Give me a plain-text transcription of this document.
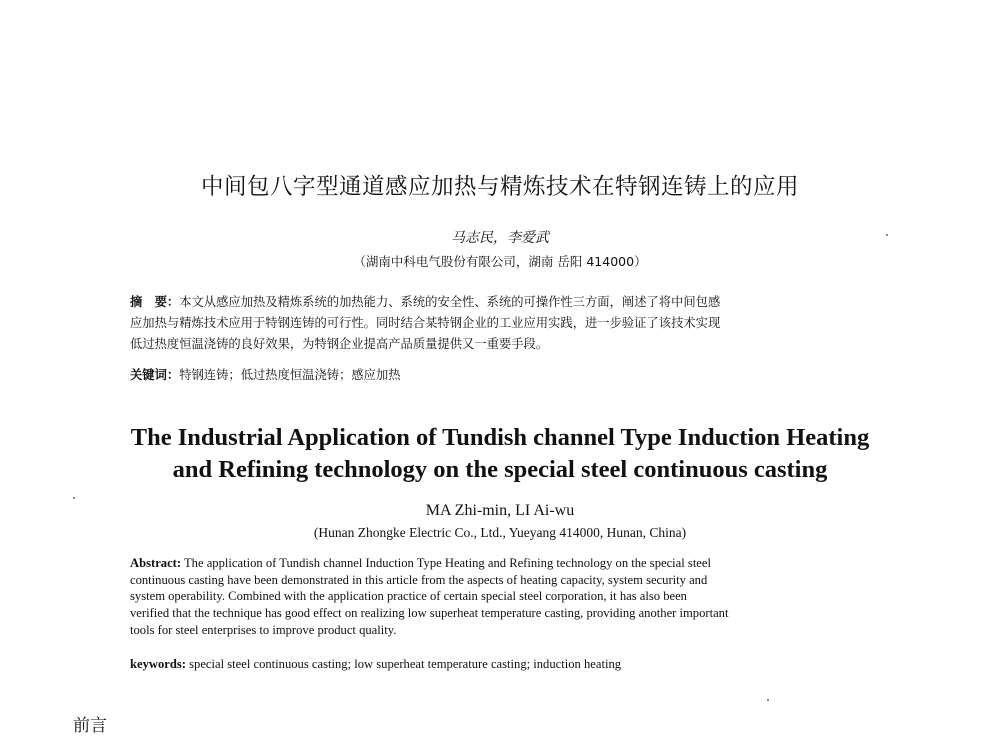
中间包八字型通道感应加热与精炼技术在特钢连铸上的应用
马志民，李爱武
（湖南中科电气股份有限公司，湖南 岳阳 414000）
摘　要：本文从感应加热及精炼系统的加热能力、系统的安全性、系统的可操作性三方面，阐述了将中间包感
应加热与精炼技术应用于特钢连铸的可行性。同时结合某特钢企业的工业应用实践，进一步验证了该技术实现
低过热度恒温浇铸的良好效果，为特钢企业提高产品质量提供又一重要手段。
关键词：特钢连铸；低过热度恒温浇铸；感应加热
The Industrial Application of Tundish channel Type Induction Heating
and Refining technology on the special steel continuous casting
MA Zhi-min, LI Ai-wu
(Hunan Zhongke Electric Co., Ltd., Yueyang 414000, Hunan, China)
Abstract: The application of Tundish channel Induction Type Heating and Refining technology on the special steel
continuous casting have been demonstrated in this article from the aspects of heating capacity, system security and
system operability. Combined with the application practice of certain special steel corporation, it has also been
verified that the technique has good effect on realizing low superheat temperature casting, providing another important
tools for steel enterprises to improve product quality.
keywords: special steel continuous casting; low superheat temperature casting; induction heating
前言
